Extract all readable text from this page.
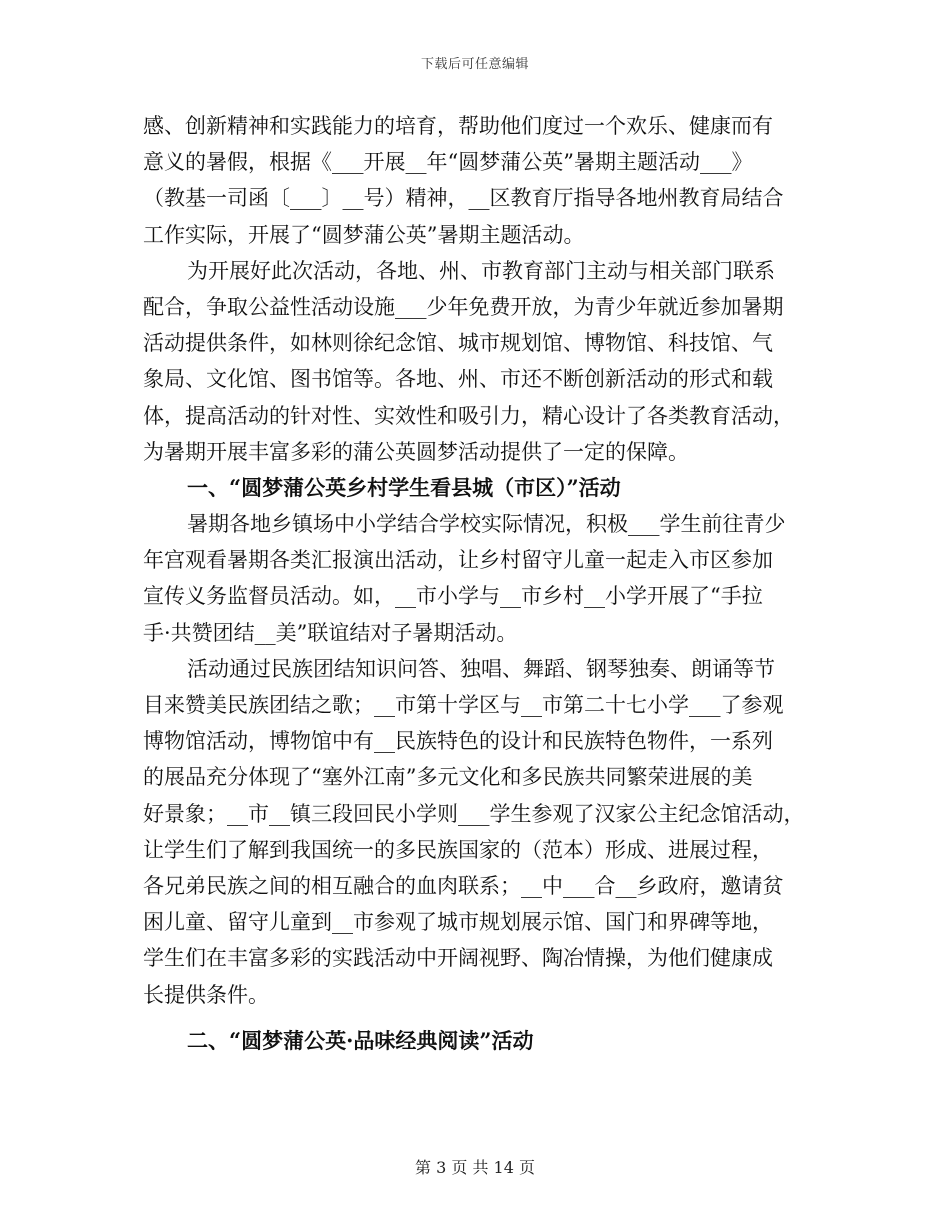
下载后可任意编辑
感、创新精神和实践能力的培育，帮助他们度过一个欢乐、健康而有
意义的暑假，根据《___开展__年“圆梦蒲公英”暑期主题活动___》
（教基一司函〔___〕__号）精神，__区教育厅指导各地州教育局结合
工作实际，开展了“圆梦蒲公英”暑期主题活动。
为开展好此次活动，各地、州、市教育部门主动与相关部门联系
配合，争取公益性活动设施___少年免费开放，为青少年就近参加暑期
活动提供条件，如林则徐纪念馆、城市规划馆、博物馆、科技馆、气
象局、文化馆、图书馆等。各地、州、市还不断创新活动的形式和载
体，提高活动的针对性、实效性和吸引力，精心设计了各类教育活动，
为暑期开展丰富多彩的蒲公英圆梦活动提供了一定的保障。
一、“圆梦蒲公英乡村学生看县城（市区）”活动
暑期各地乡镇场中小学结合学校实际情况，积极___学生前往青少
年宫观看暑期各类汇报演出活动，让乡村留守儿童一起走入市区参加
宣传义务监督员活动。如，__市小学与__市乡村__小学开展了“手拉
手·共赞团结__美”联谊结对子暑期活动。
活动通过民族团结知识问答、独唱、舞蹈、钢琴独奏、朗诵等节
目来赞美民族团结之歌；__市第十学区与__市第二十七小学___了参观
博物馆活动，博物馆中有__民族特色的设计和民族特色物件，一系列
的展品充分体现了“塞外江南”多元文化和多民族共同繁荣进展的美
好景象；__市__镇三段回民小学则___学生参观了汉家公主纪念馆活动，
让学生们了解到我国统一的多民族国家的（范本）形成、进展过程，
各兄弟民族之间的相互融合的血肉联系；__中___合__乡政府，邀请贫
困儿童、留守儿童到__市参观了城市规划展示馆、国门和界碑等地，
学生们在丰富多彩的实践活动中开阔视野、陶冶情操，为他们健康成
长提供条件。
二、“圆梦蒲公英·品味经典阅读”活动
第 3 页 共 14 页
